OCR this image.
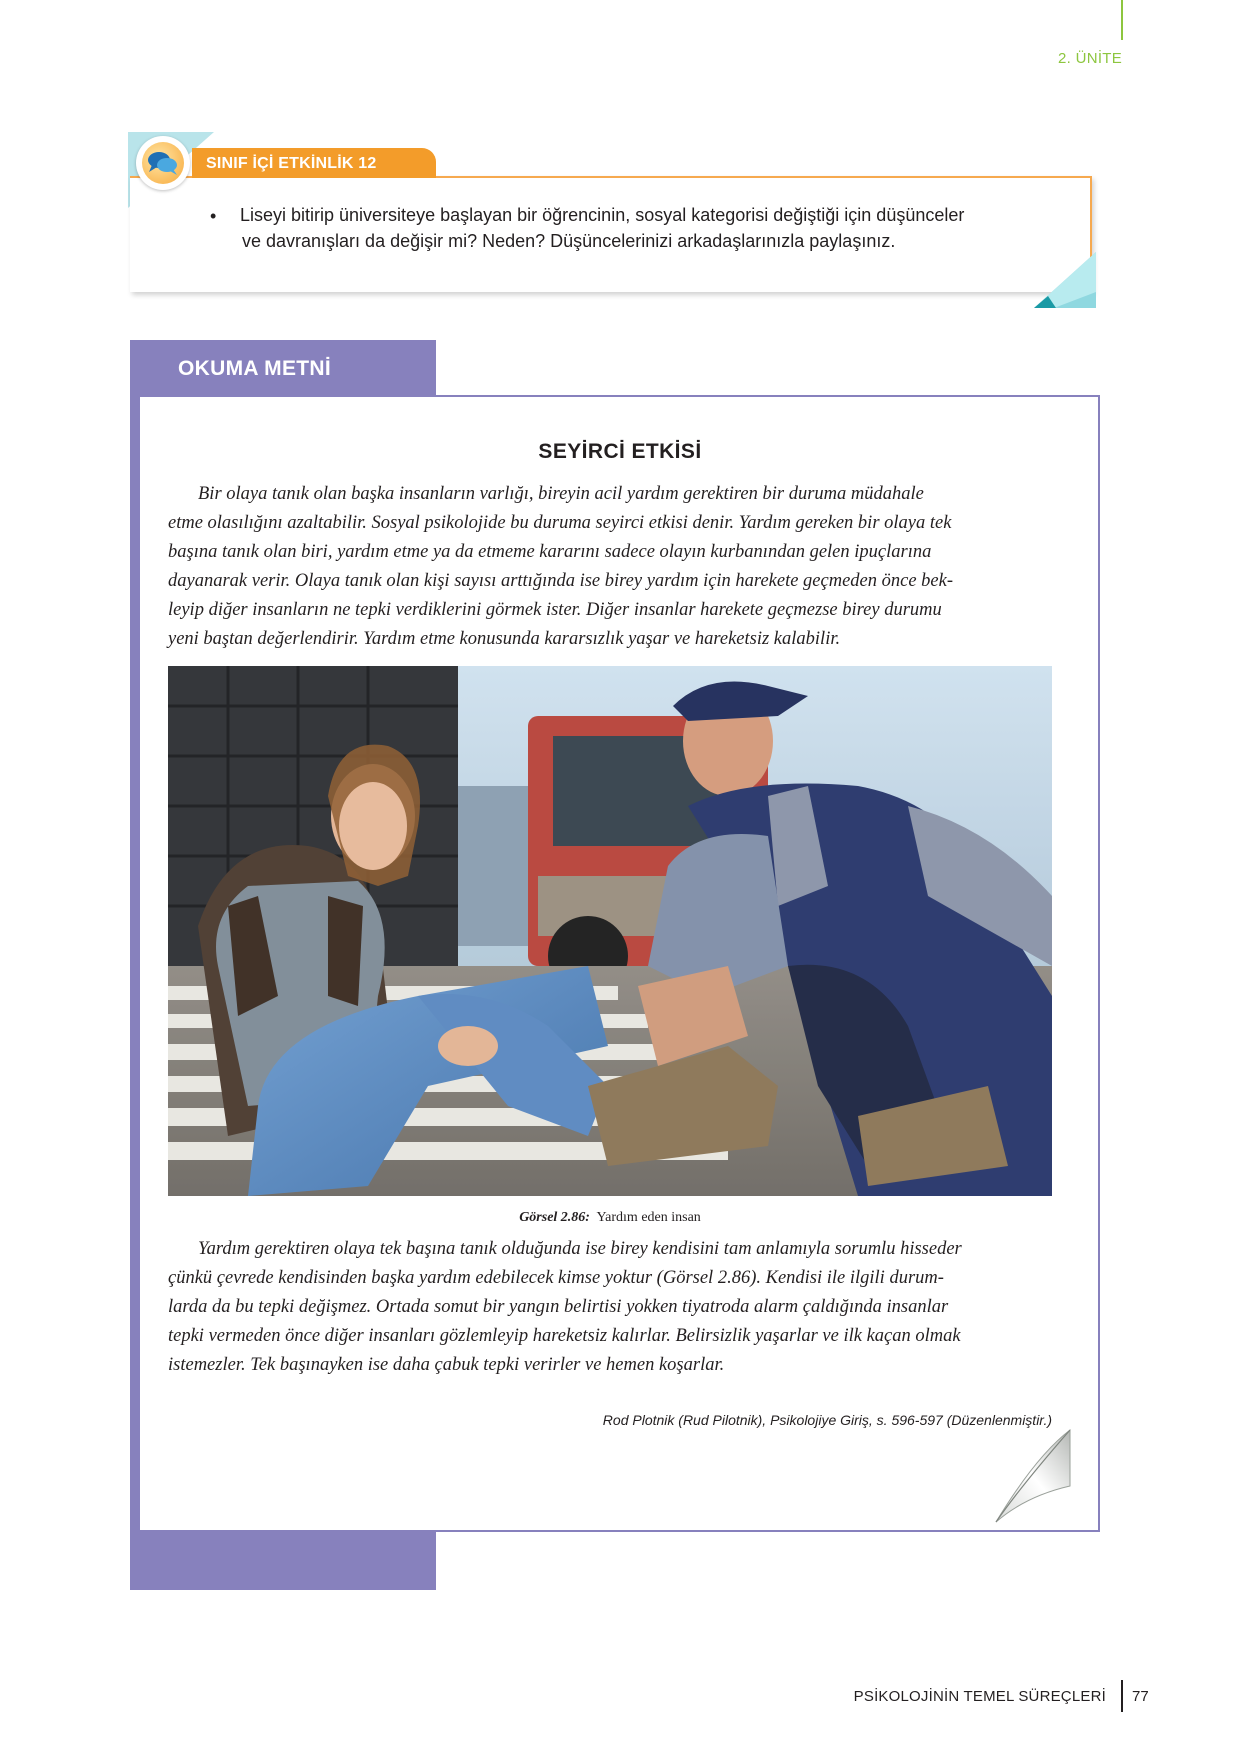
2. ÜNİTE
SINIF İÇİ ETKİNLİK 12
• Liseyi bitirip üniversiteye başlayan bir öğrencinin, sosyal kategorisi değiştiği için düşünceler
ve davranışları da değişir mi? Neden? Düşüncelerinizi arkadaşlarınızla paylaşınız.
OKUMA METNİ
SEYİRCİ ETKİSİ
Bir olaya tanık olan başka insanların varlığı, bireyin acil yardım gerektiren bir duruma müdahale
etme olasılığını azaltabilir. Sosyal psikolojide bu duruma seyirci etkisi denir. Yardım gereken bir olaya tek
başına tanık olan biri, yardım etme ya da etmeme kararını sadece olayın kurbanından gelen ipuçlarına
dayanarak verir. Olaya tanık olan kişi sayısı arttığında ise birey yardım için harekete geçmeden önce bek-
leyip diğer insanların ne tepki verdiklerini görmek ister. Diğer insanlar harekete geçmezse birey durumu
yeni baştan değerlendirir. Yardım etme konusunda kararsızlık yaşar ve hareketsiz kalabilir.
Görsel 2.86: Yardım eden insan
Yardım gerektiren olaya tek başına tanık olduğunda ise birey kendisini tam anlamıyla sorumlu hisseder
çünkü çevrede kendisinden başka yardım edebilecek kimse yoktur (Görsel 2.86). Kendisi ile ilgili durum-
larda da bu tepki değişmez. Ortada somut bir yangın belirtisi yokken tiyatroda alarm çaldığında insanlar
tepki vermeden önce diğer insanları gözlemleyip hareketsiz kalırlar. Belirsizlik yaşarlar ve ilk kaçan olmak
istemezler. Tek başınayken ise daha çabuk tepki verirler ve hemen koşarlar.
Rod Plotnik (Rud Pilotnik), Psikolojiye Giriş, s. 596-597 (Düzenlenmiştir.)
PSİKOLOJİNİN TEMEL SÜREÇLERİ 77
